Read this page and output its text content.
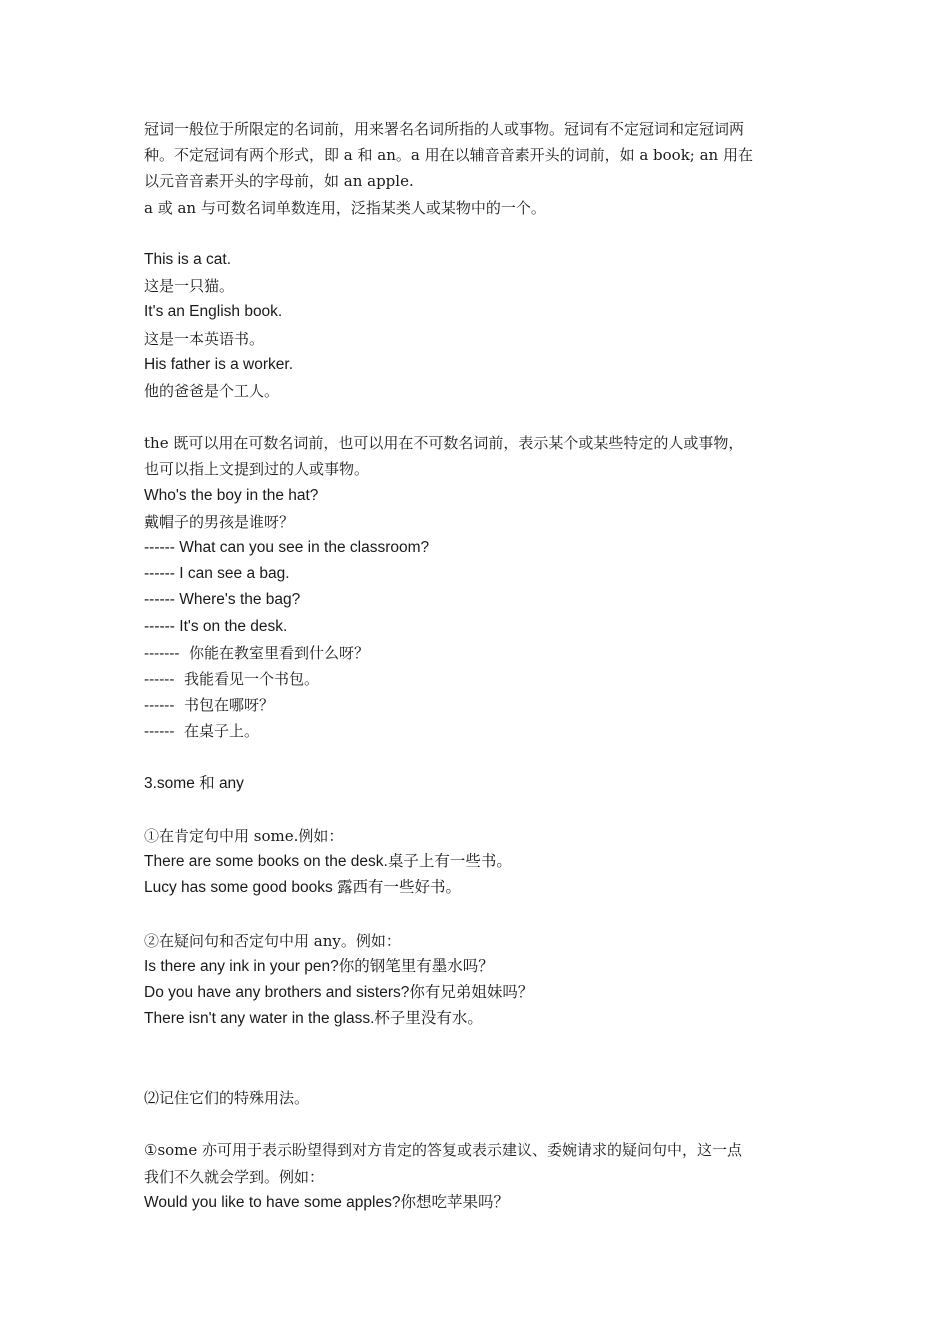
冠词一般位于所限定的名词前，用来署名名词所指的人或事物。冠词有不定冠词和定冠词两

种。不定冠词有两个形式，即 a 和 an。a 用在以辅音音素开头的词前，如 a book; an 用在

以元音音素开头的字母前，如 an apple.

a 或 an 与可数名词单数连用，泛指某类人或某物中的一个。

This is a cat.

这是一只猫。

It's an English book.

这是一本英语书。

His father is a worker.

他的爸爸是个工人。

the 既可以用在可数名词前，也可以用在不可数名词前，表示某个或某些特定的人或事物，

也可以指上文提到过的人或事物。

Who's the boy in the hat?

戴帽子的男孩是谁呀？

------ What can you see in the classroom?

------ I can see a bag.

------ Where's the bag?

------ It's on the desk.

-------  你能在教室里看到什么呀？

------  我能看见一个书包。

------  书包在哪呀？

------  在桌子上。

3.some 和 any

①在肯定句中用 some.例如：

There are some books on the desk.桌子上有一些书。

Lucy has some good books 露西有一些好书。

②在疑问句和否定句中用 any。例如：

Is there any ink in your pen?你的钢笔里有墨水吗？

Do you have any brothers and sisters?你有兄弟姐妹吗？

There isn't any water in the glass.杯子里没有水。

⑵记住它们的特殊用法。

①some 亦可用于表示盼望得到对方肯定的答复或表示建议、委婉请求的疑问句中，这一点

我们不久就会学到。例如：

Would you like to have some apples?你想吃苹果吗？
